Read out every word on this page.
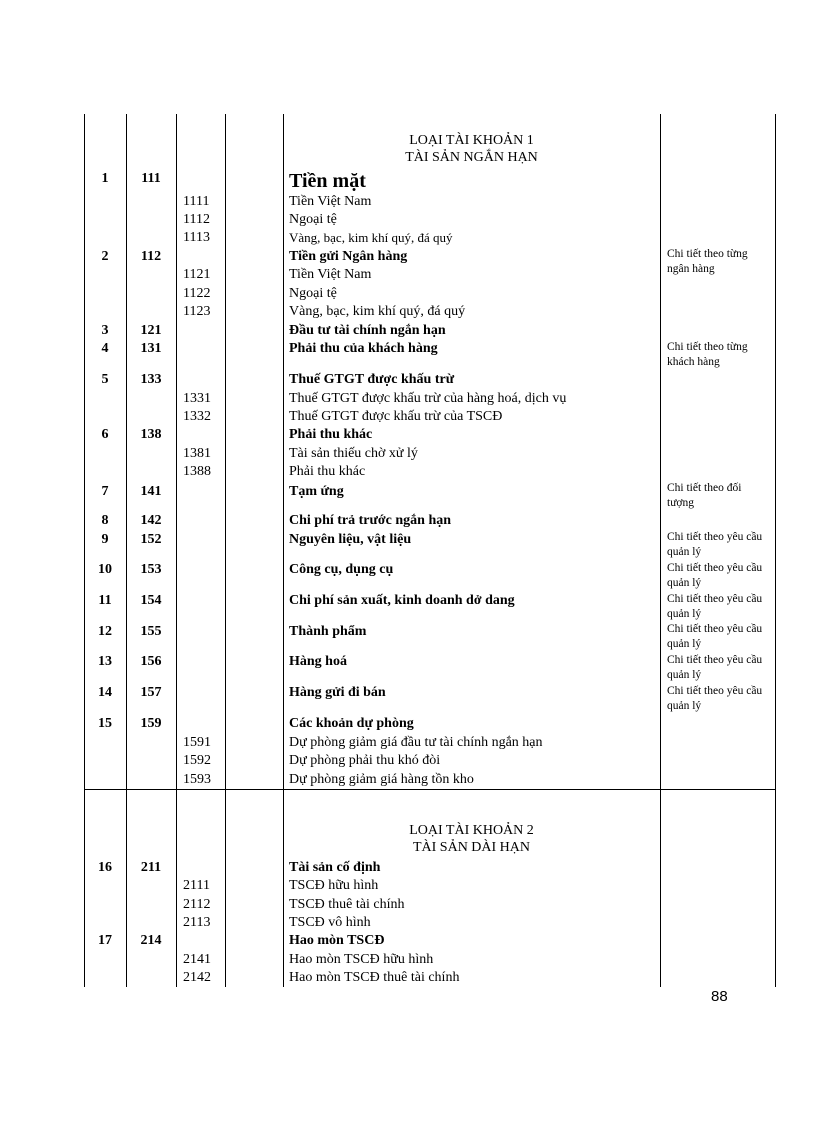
LOẠI TÀI KHOẢN 1
TÀI SẢN NGẮN HẠN
1	111	Tiền mặt
1111	Tiền Việt Nam
1112	Ngoại tệ
1113	Vàng, bạc, kim khí quý, đá quý
2	112	Tiền gửi Ngân hàng	Chi tiết theo từng ngân hàng
1121	Tiền Việt Nam
1122	Ngoại tệ
1123	Vàng, bạc, kim khí quý, đá quý
3	121	Đầu tư tài chính ngắn hạn
4	131	Phải thu của khách hàng	Chi tiết theo từng khách hàng
5	133	Thuế GTGT được khấu trừ
1331	Thuế GTGT được khấu trừ của hàng hoá, dịch vụ
1332	Thuế GTGT được khấu trừ của TSCĐ
6	138	Phải thu khác
1381	Tài sản thiếu chờ xử lý
1388	Phải thu khác
7	141	Tạm ứng	Chi tiết theo đối tượng
8	142	Chi phí trả trước ngắn hạn
9	152	Nguyên liệu, vật liệu	Chi tiết theo yêu cầu quản lý
10	153	Công cụ, dụng cụ	Chi tiết theo yêu cầu quản lý
11	154	Chi phí sản xuất, kinh doanh dở dang	Chi tiết theo yêu cầu quản lý
12	155	Thành phẩm	Chi tiết theo yêu cầu quản lý
13	156	Hàng hoá	Chi tiết theo yêu cầu quản lý
14	157	Hàng gửi đi bán	Chi tiết theo yêu cầu quản lý
15	159	Các khoản dự phòng
1591	Dự phòng giảm giá đầu tư tài chính ngắn hạn
1592	Dự phòng phải thu khó đòi
1593	Dự phòng giảm giá hàng tồn kho
LOẠI TÀI KHOẢN 2
TÀI SẢN DÀI HẠN
16	211	Tài sản cố định
2111	TSCĐ hữu hình
2112	TSCĐ thuê tài chính
2113	TSCĐ vô hình
17	214	Hao mòn TSCĐ
2141	Hao mòn TSCĐ hữu hình
2142	Hao mòn TSCĐ thuê tài chính
88
